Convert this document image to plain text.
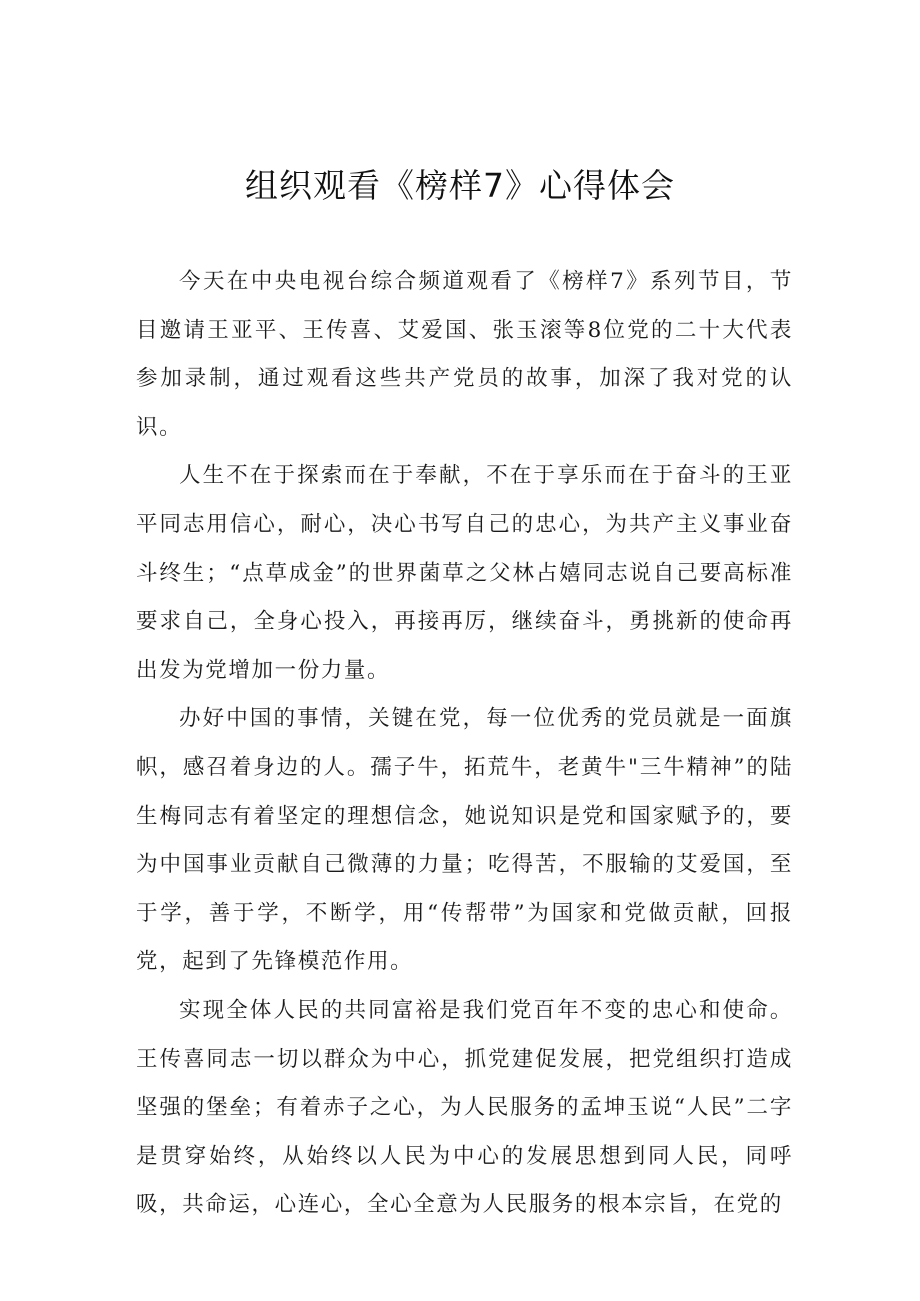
组织观看《榜样7》心得体会

今天在中央电视台综合频道观看了《榜样7》系列节目，节目邀请王亚平、王传喜、艾爱国、张玉滚等8位党的二十大代表参加录制，通过观看这些共产党员的故事，加深了我对党的认识。

人生不在于探索而在于奉献，不在于享乐而在于奋斗的王亚平同志用信心，耐心，决心书写自己的忠心，为共产主义事业奋斗终生；“点草成金”的世界菌草之父林占嬉同志说自己要高标准要求自己，全身心投入，再接再厉，继续奋斗，勇挑新的使命再出发为党增加一份力量。

办好中国的事情，关键在党，每一位优秀的党员就是一面旗帜，感召着身边的人。孺子牛，拓荒牛，老黄牛"三牛精神”的陆生梅同志有着坚定的理想信念，她说知识是党和国家赋予的，要为中国事业贡献自己微薄的力量；吃得苦，不服输的艾爱国，至于学，善于学，不断学，用“传帮带”为国家和党做贡献，回报党，起到了先锋模范作用。

实现全体人民的共同富裕是我们党百年不变的忠心和使命。王传喜同志一切以群众为中心，抓党建促发展，把党组织打造成坚强的堡垒；有着赤子之心，为人民服务的孟坤玉说“人民”二字是贯穿始终，从始终以人民为中心的发展思想到同人民，同呼吸，共命运，心连心，全心全意为人民服务的根本宗旨，在党的
